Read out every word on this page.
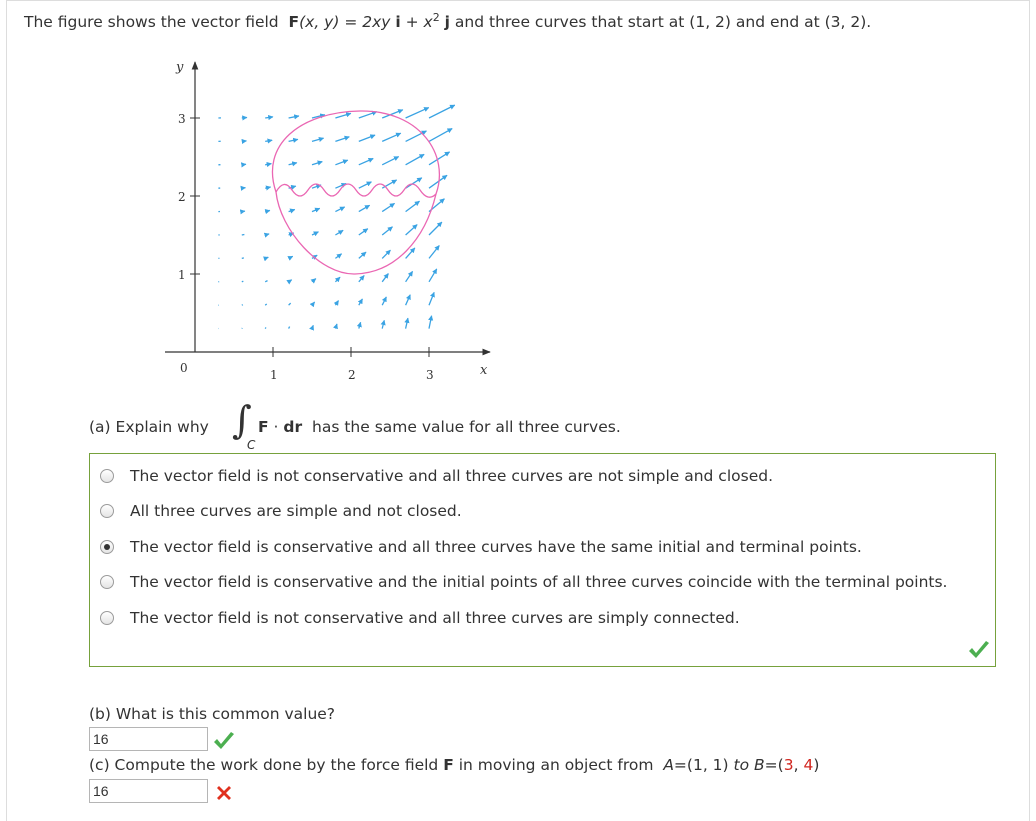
The figure shows the vector field F(x, y) = 2xy $i + x^2$ j and three curves that start at (1, 2) and end at (3, 2).
y
x
0	1	2	3
1
2
3
(a) Explain why ∫
C
F · dr has the same value for all three curves.
The vector field is not conservative and all three curves are not simple and closed.
All three curves are simple and not closed.
The vector field is conservative and all three curves have the same initial and terminal points.
The vector field is conservative and the initial points of all three curves coincide with the terminal points.
The vector field is not conservative and all three curves are simply connected.
(b) What is this common value?
16
(c) Compute the work done by the force field F in moving an object from A=(1, 1) to B=(3, 4)
16
